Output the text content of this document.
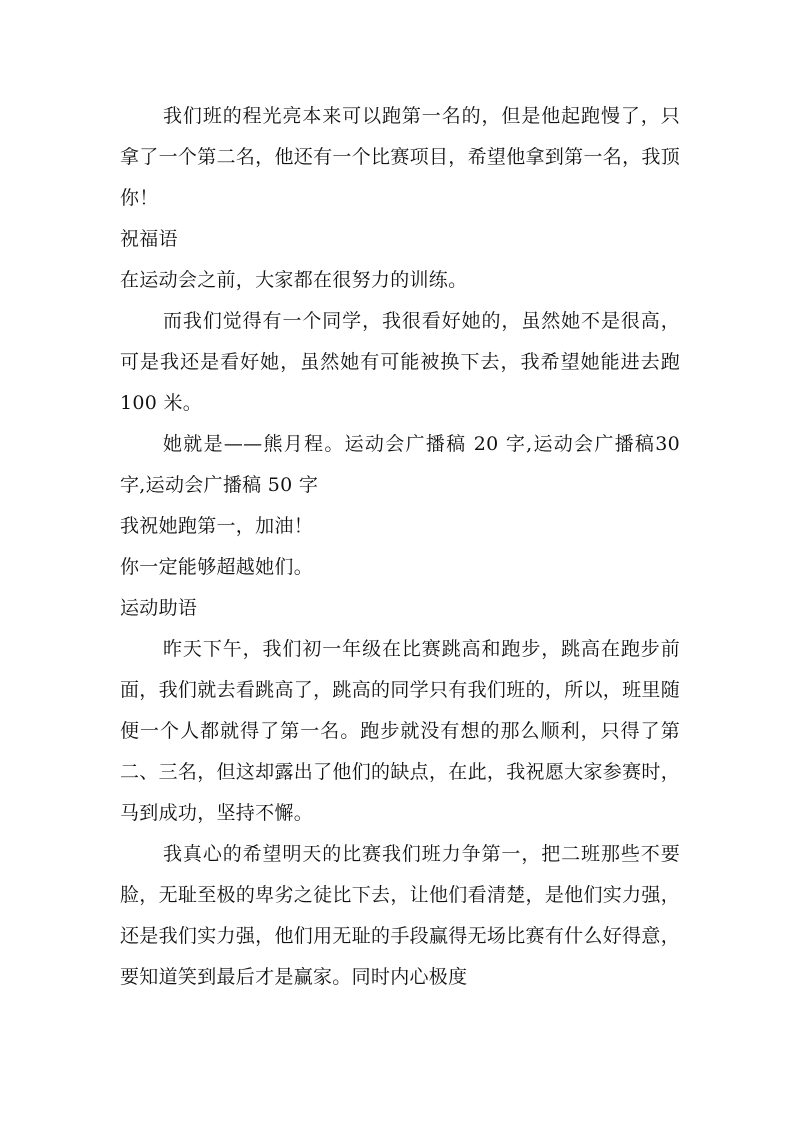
我们班的程光亮本来可以跑第一名的，但是他起跑慢了，只拿了一个第二名，他还有一个比赛项目，希望他拿到第一名，我顶你！

祝福语

在运动会之前，大家都在很努力的训练。

而我们觉得有一个同学，我很看好她的，虽然她不是很高，可是我还是看好她，虽然她有可能被换下去，我希望她能进去跑 100 米。

她就是——熊月程。运动会广播稿 20 字,运动会广播稿30 字,运动会广播稿 50 字

我祝她跑第一，加油！

你一定能够超越她们。

运动助语

昨天下午，我们初一年级在比赛跳高和跑步，跳高在跑步前面，我们就去看跳高了，跳高的同学只有我们班的，所以，班里随便一个人都就得了第一名。跑步就没有想的那么顺利，只得了第二、三名，但这却露出了他们的缺点，在此，我祝愿大家参赛时，马到成功，坚持不懈。

我真心的希望明天的比赛我们班力争第一，把二班那些不要脸，无耻至极的卑劣之徒比下去，让他们看清楚，是他们实力强，还是我们实力强，他们用无耻的手段赢得无场比赛有什么好得意，要知道笑到最后才是赢家。同时内心极度
